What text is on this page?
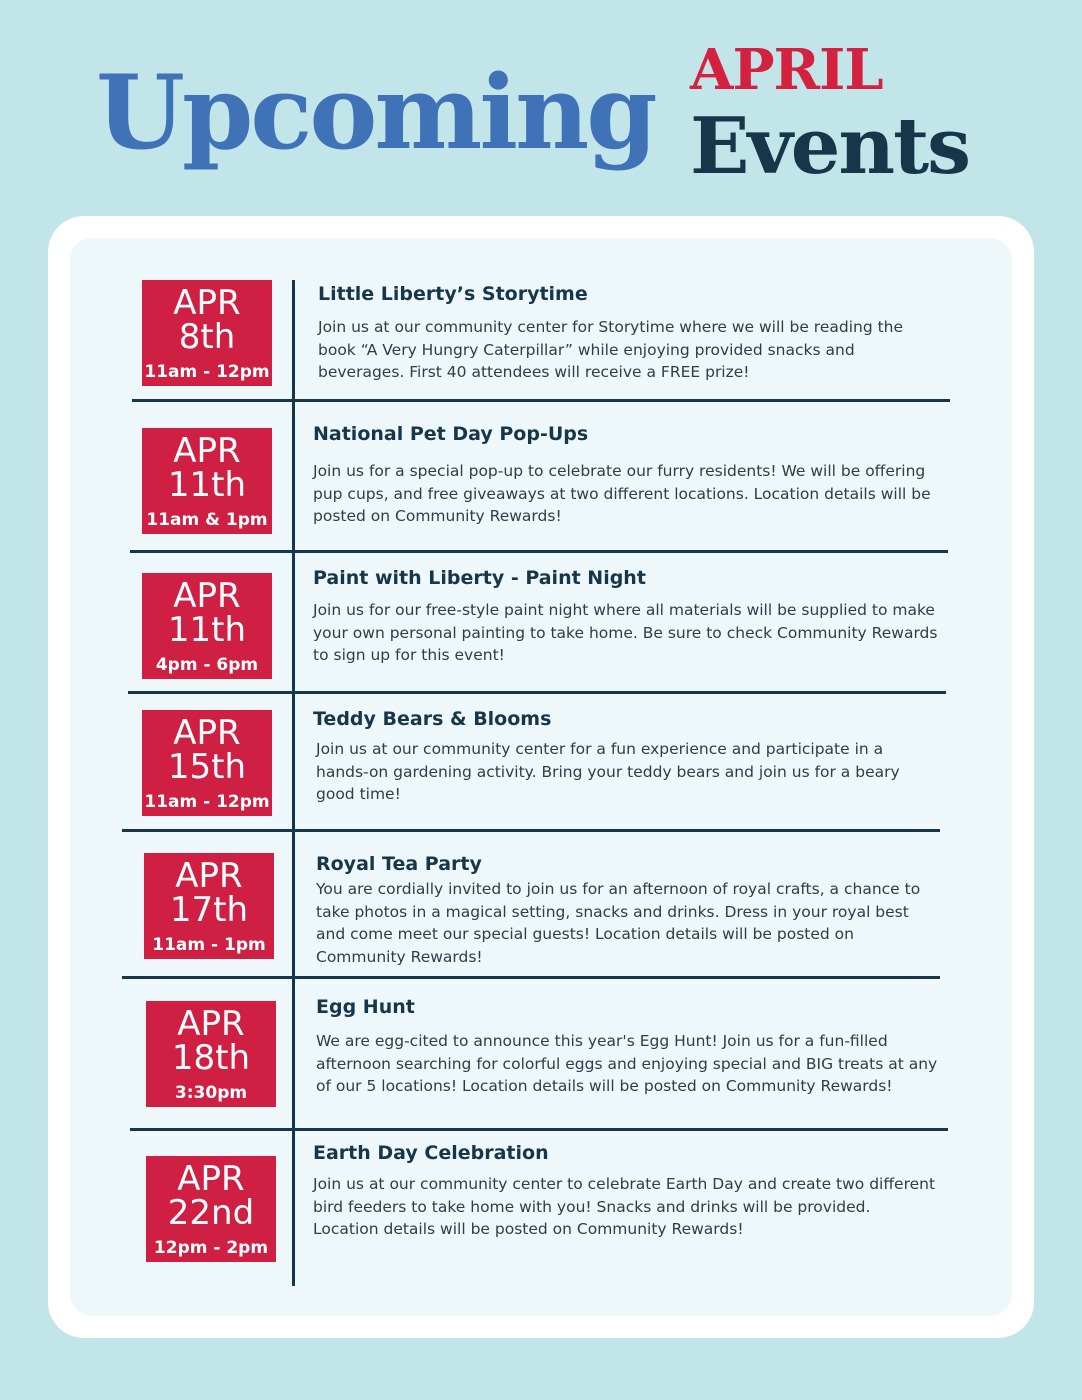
Upcoming APRIL
Events
APR
8th
11am - 12pm
Little Liberty’s Storytime
Join us at our community center for Storytime where we will be reading the book “A Very Hungry Caterpillar” while enjoying provided snacks and beverages. First 40 attendees will receive a FREE prize!
APR
11th
11am & 1pm
National Pet Day Pop-Ups
Join us for a special pop-up to celebrate our furry residents! We will be offering pup cups, and free giveaways at two different locations. Location details will be posted on Community Rewards!
APR
11th
4pm - 6pm
Paint with Liberty - Paint Night
Join us for our free-style paint night where all materials will be supplied to make your own personal painting to take home. Be sure to check Community Rewards to sign up for this event!
APR
15th
11am - 12pm
Teddy Bears & Blooms
Join us at our community center for a fun experience and participate in a hands-on gardening activity. Bring your teddy bears and join us for a beary good time!
APR
17th
11am - 1pm
Royal Tea Party
You are cordially invited to join us for an afternoon of royal crafts, a chance to take photos in a magical setting, snacks and drinks. Dress in your royal best and come meet our special guests! Location details will be posted on Community Rewards!
APR
18th
3:30pm
Egg Hunt
We are egg-cited to announce this year's Egg Hunt! Join us for a fun-filled afternoon searching for colorful eggs and enjoying special and BIG treats at any of our 5 locations! Location details will be posted on Community Rewards!
APR
22nd
12pm - 2pm
Earth Day Celebration
Join us at our community center to celebrate Earth Day and create two different bird feeders to take home with you! Snacks and drinks will be provided. Location details will be posted on Community Rewards!
